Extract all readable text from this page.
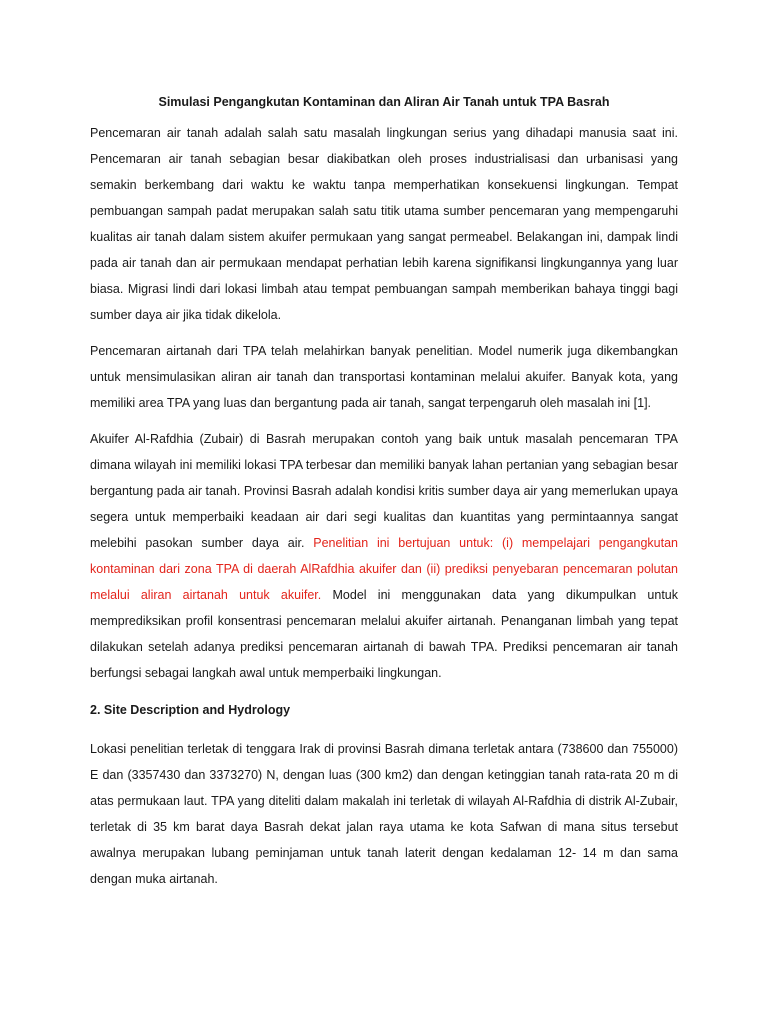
Simulasi Pengangkutan Kontaminan dan Aliran Air Tanah untuk TPA Basrah

Pencemaran air tanah adalah salah satu masalah lingkungan serius yang dihadapi manusia saat ini. Pencemaran air tanah sebagian besar diakibatkan oleh proses industrialisasi dan urbanisasi yang semakin berkembang dari waktu ke waktu tanpa memperhatikan konsekuensi lingkungan. Tempat pembuangan sampah padat merupakan salah satu titik utama sumber pencemaran yang mempengaruhi kualitas air tanah dalam sistem akuifer permukaan yang sangat permeabel. Belakangan ini, dampak lindi pada air tanah dan air permukaan mendapat perhatian lebih karena signifikansi lingkungannya yang luar biasa. Migrasi lindi dari lokasi limbah atau tempat pembuangan sampah memberikan bahaya tinggi bagi sumber daya air jika tidak dikelola.

Pencemaran airtanah dari TPA telah melahirkan banyak penelitian. Model numerik juga dikembangkan untuk mensimulasikan aliran air tanah dan transportasi kontaminan melalui akuifer. Banyak kota, yang memiliki area TPA yang luas dan bergantung pada air tanah, sangat terpengaruh oleh masalah ini [1].

Akuifer Al-Rafdhia (Zubair) di Basrah merupakan contoh yang baik untuk masalah pencemaran TPA dimana wilayah ini memiliki lokasi TPA terbesar dan memiliki banyak lahan pertanian yang sebagian besar bergantung pada air tanah. Provinsi Basrah adalah kondisi kritis sumber daya air yang memerlukan upaya segera untuk memperbaiki keadaan air dari segi kualitas dan kuantitas yang permintaannya sangat melebihi pasokan sumber daya air. Penelitian ini bertujuan untuk: (i) mempelajari pengangkutan kontaminan dari zona TPA di daerah AlRafdhia akuifer dan (ii) prediksi penyebaran pencemaran polutan melalui aliran airtanah untuk akuifer. Model ini menggunakan data yang dikumpulkan untuk memprediksikan profil konsentrasi pencemaran melalui akuifer airtanah. Penanganan limbah yang tepat dilakukan setelah adanya prediksi pencemaran airtanah di bawah TPA. Prediksi pencemaran air tanah berfungsi sebagai langkah awal untuk memperbaiki lingkungan.

2. Site Description and Hydrology

Lokasi penelitian terletak di tenggara Irak di provinsi Basrah dimana terletak antara (738600 dan 755000) E dan (3357430 dan 3373270) N, dengan luas (300 km2) dan dengan ketinggian tanah rata-rata 20 m di atas permukaan laut. TPA yang diteliti dalam makalah ini terletak di wilayah Al-Rafdhia di distrik Al-Zubair, terletak di 35 km barat daya Basrah dekat jalan raya utama ke kota Safwan di mana situs tersebut awalnya merupakan lubang peminjaman untuk tanah laterit dengan kedalaman 12- 14 m dan sama dengan muka airtanah.
